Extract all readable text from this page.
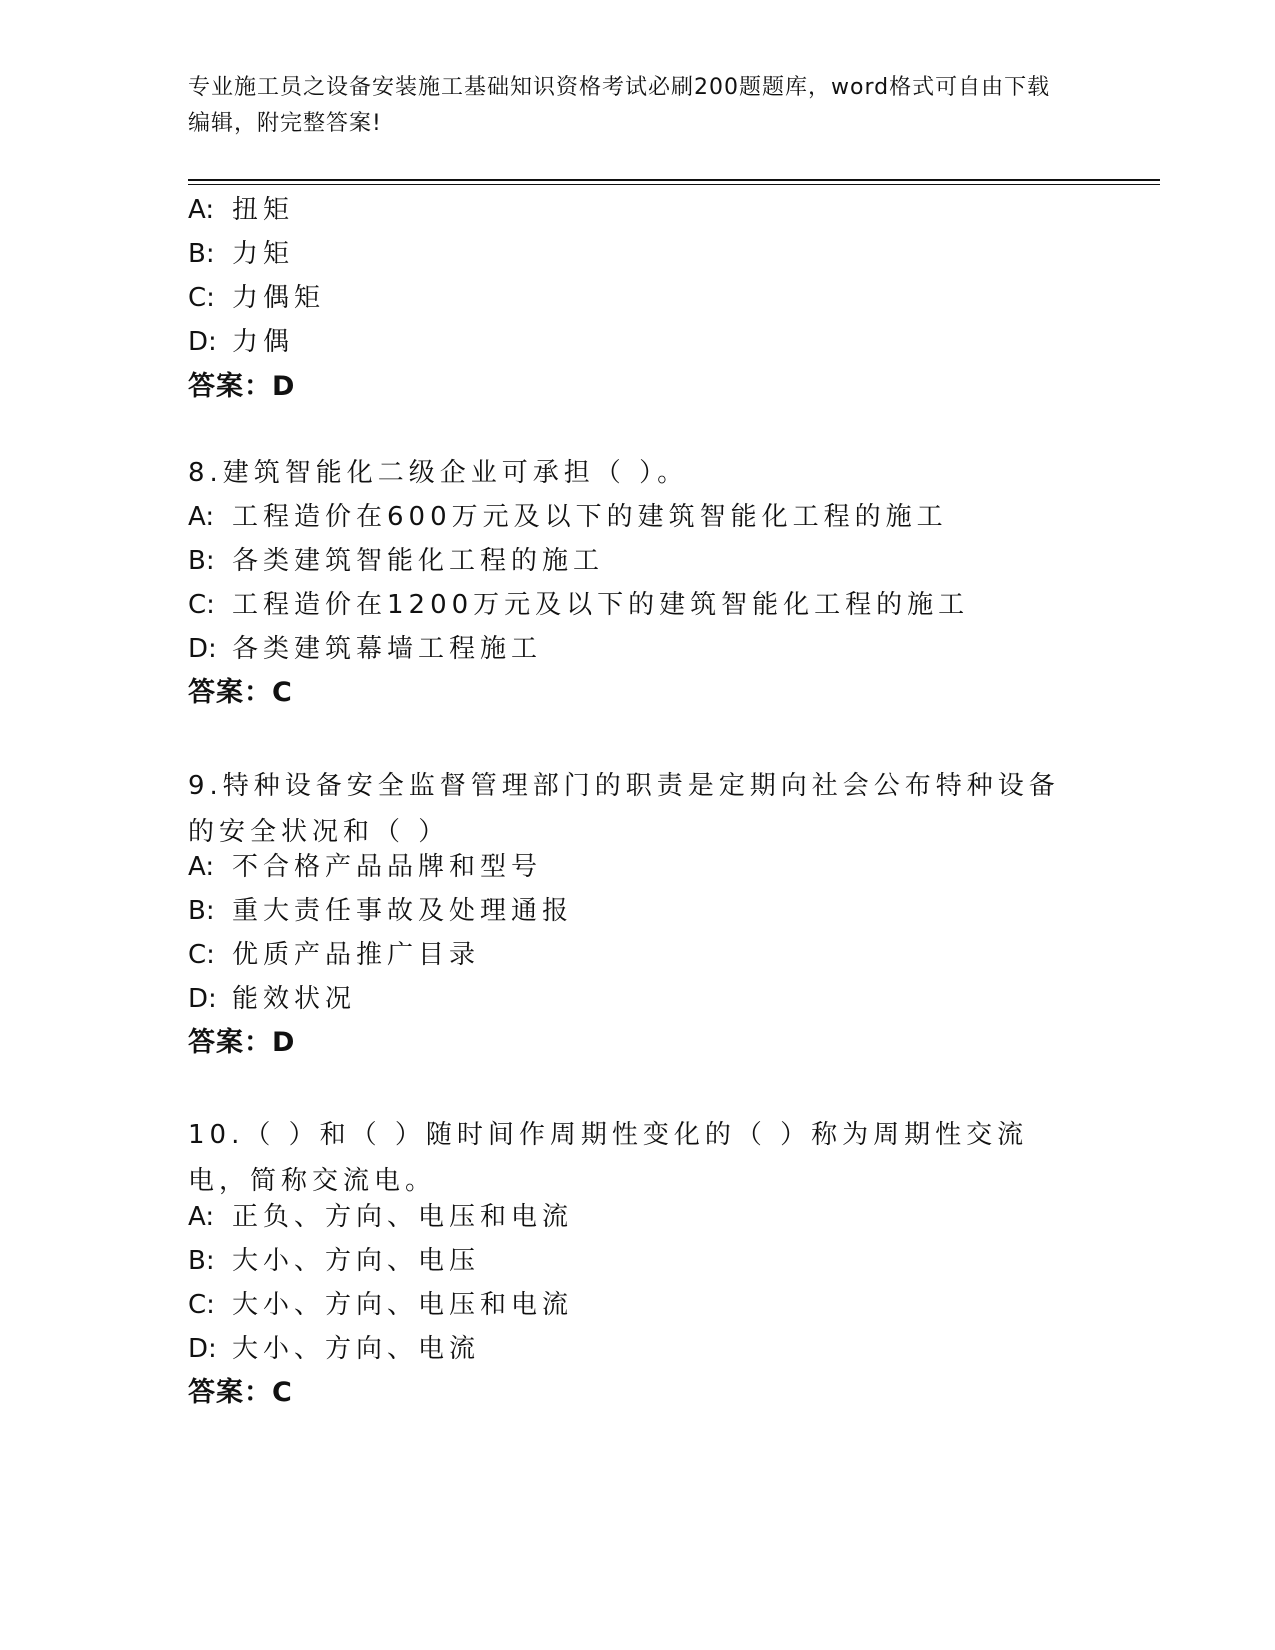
专业施工员之设备安装施工基础知识资格考试必刷200题题库，word格式可自由下载编辑，附完整答案!
A: 扭矩
B: 力矩
C: 力偶矩
D: 力偶
答案：D
8.建筑智能化二级企业可承担（ ）。
A: 工程造价在600万元及以下的建筑智能化工程的施工
B: 各类建筑智能化工程的施工
C: 工程造价在1200万元及以下的建筑智能化工程的施工
D: 各类建筑幕墙工程施工
答案：C
9.特种设备安全监督管理部门的职责是定期向社会公布特种设备的安全状况和（ ）
A: 不合格产品品牌和型号
B: 重大责任事故及处理通报
C: 优质产品推广目录
D: 能效状况
答案：D
10.（ ）和（ ）随时间作周期性变化的（ ）称为周期性交流电，简称交流电。
A: 正负、方向、电压和电流
B: 大小、方向、电压
C: 大小、方向、电压和电流
D: 大小、方向、电流
答案：C
